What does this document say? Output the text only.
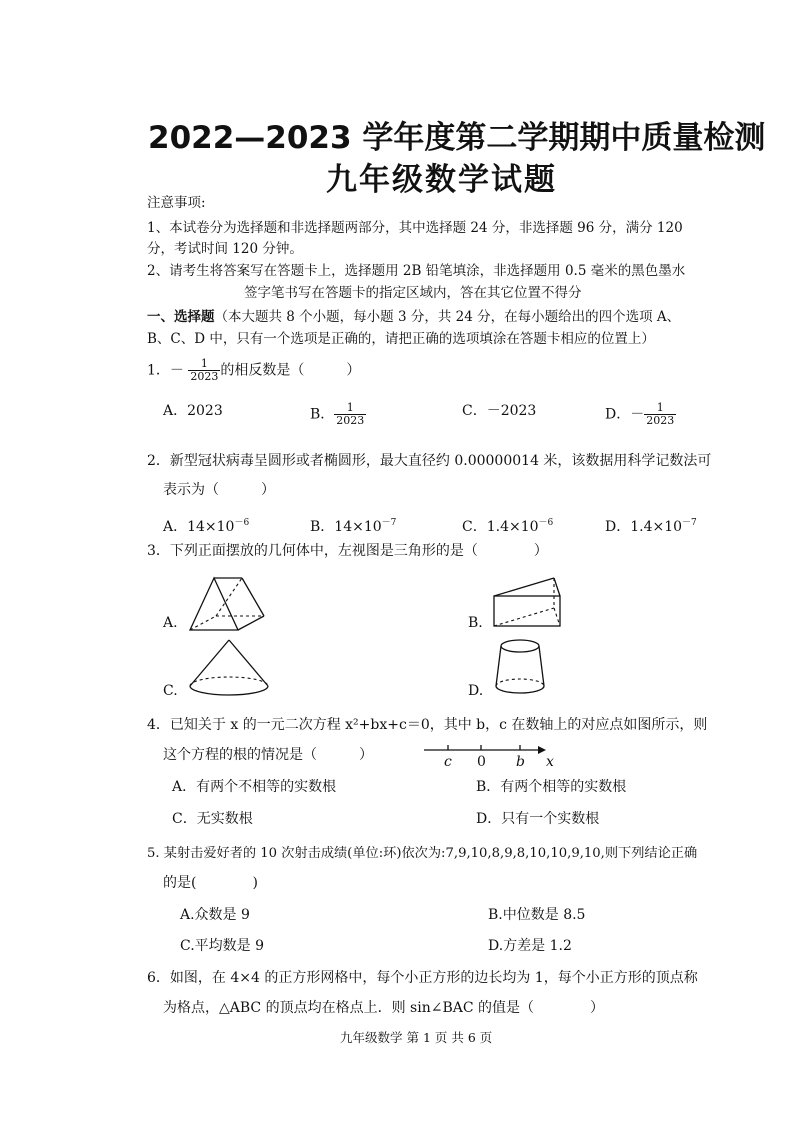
2022—2023 学年度第二学期期中质量检测
九年级数学试题
注意事项:
1、本试卷分为选择题和非选择题两部分，其中选择题 24 分，非选择题 96 分，满分 120
分，考试时间 120 分钟。
2、请考生将答案写在答题卡上，选择题用 2B 铅笔填涂，非选择题用 0.5 毫米的黑色墨水
签字笔书写在答题卡的指定区域内，答在其它位置不得分
一、选择题（本大题共 8 个小题，每小题 3 分，共 24 分，在每小题给出的四个选项 A、
B、C、D 中，只有一个选项是正确的，请把正确的选项填涂在答题卡相应的位置上）
1．－ $\frac{1}{2023}$ 的相反数是（　　　）
A．2023	B． $\frac{1}{2023}$	C．－2023	D．－ $\frac{1}{2023}$
2．新型冠状病毒呈圆形或者椭圆形，最大直径约 0.00000014 米，该数据用科学记数法可
表示为（　　　）
A．$14\times 10^{-6}$	B．$14\times 10^{-7}$	C．$1.4\times 10^{-6}$	D．$1.4\times 10^{-7}$
3．下列正面摆放的几何体中，左视图是三角形的是（　　　　）
A.	B.
C.	D.
4．已知关于 x 的一元二次方程 x²+bx+c＝0，其中 b，c 在数轴上的对应点如图所示，则
这个方程的根的情况是（　　　）	c 0 b x
A．有两个不相等的实数根	B．有两个相等的实数根
C．无实数根	D．只有一个实数根
5. 某射击爱好者的 10 次射击成绩(单位:环)依次为:7,9,10,8,9,8,10,10,9,10,则下列结论正确
的是(　　　　)
A.众数是 9	B.中位数是 8.5
C.平均数是 9	D.方差是 1.2
6．如图，在 4×4 的正方形网格中，每个小正方形的边长均为 1，每个小正方形的顶点称
为格点，△ABC 的顶点均在格点上．则 sin∠BAC 的值是（　　　　）
九年级数学 第 1 页 共 6 页
